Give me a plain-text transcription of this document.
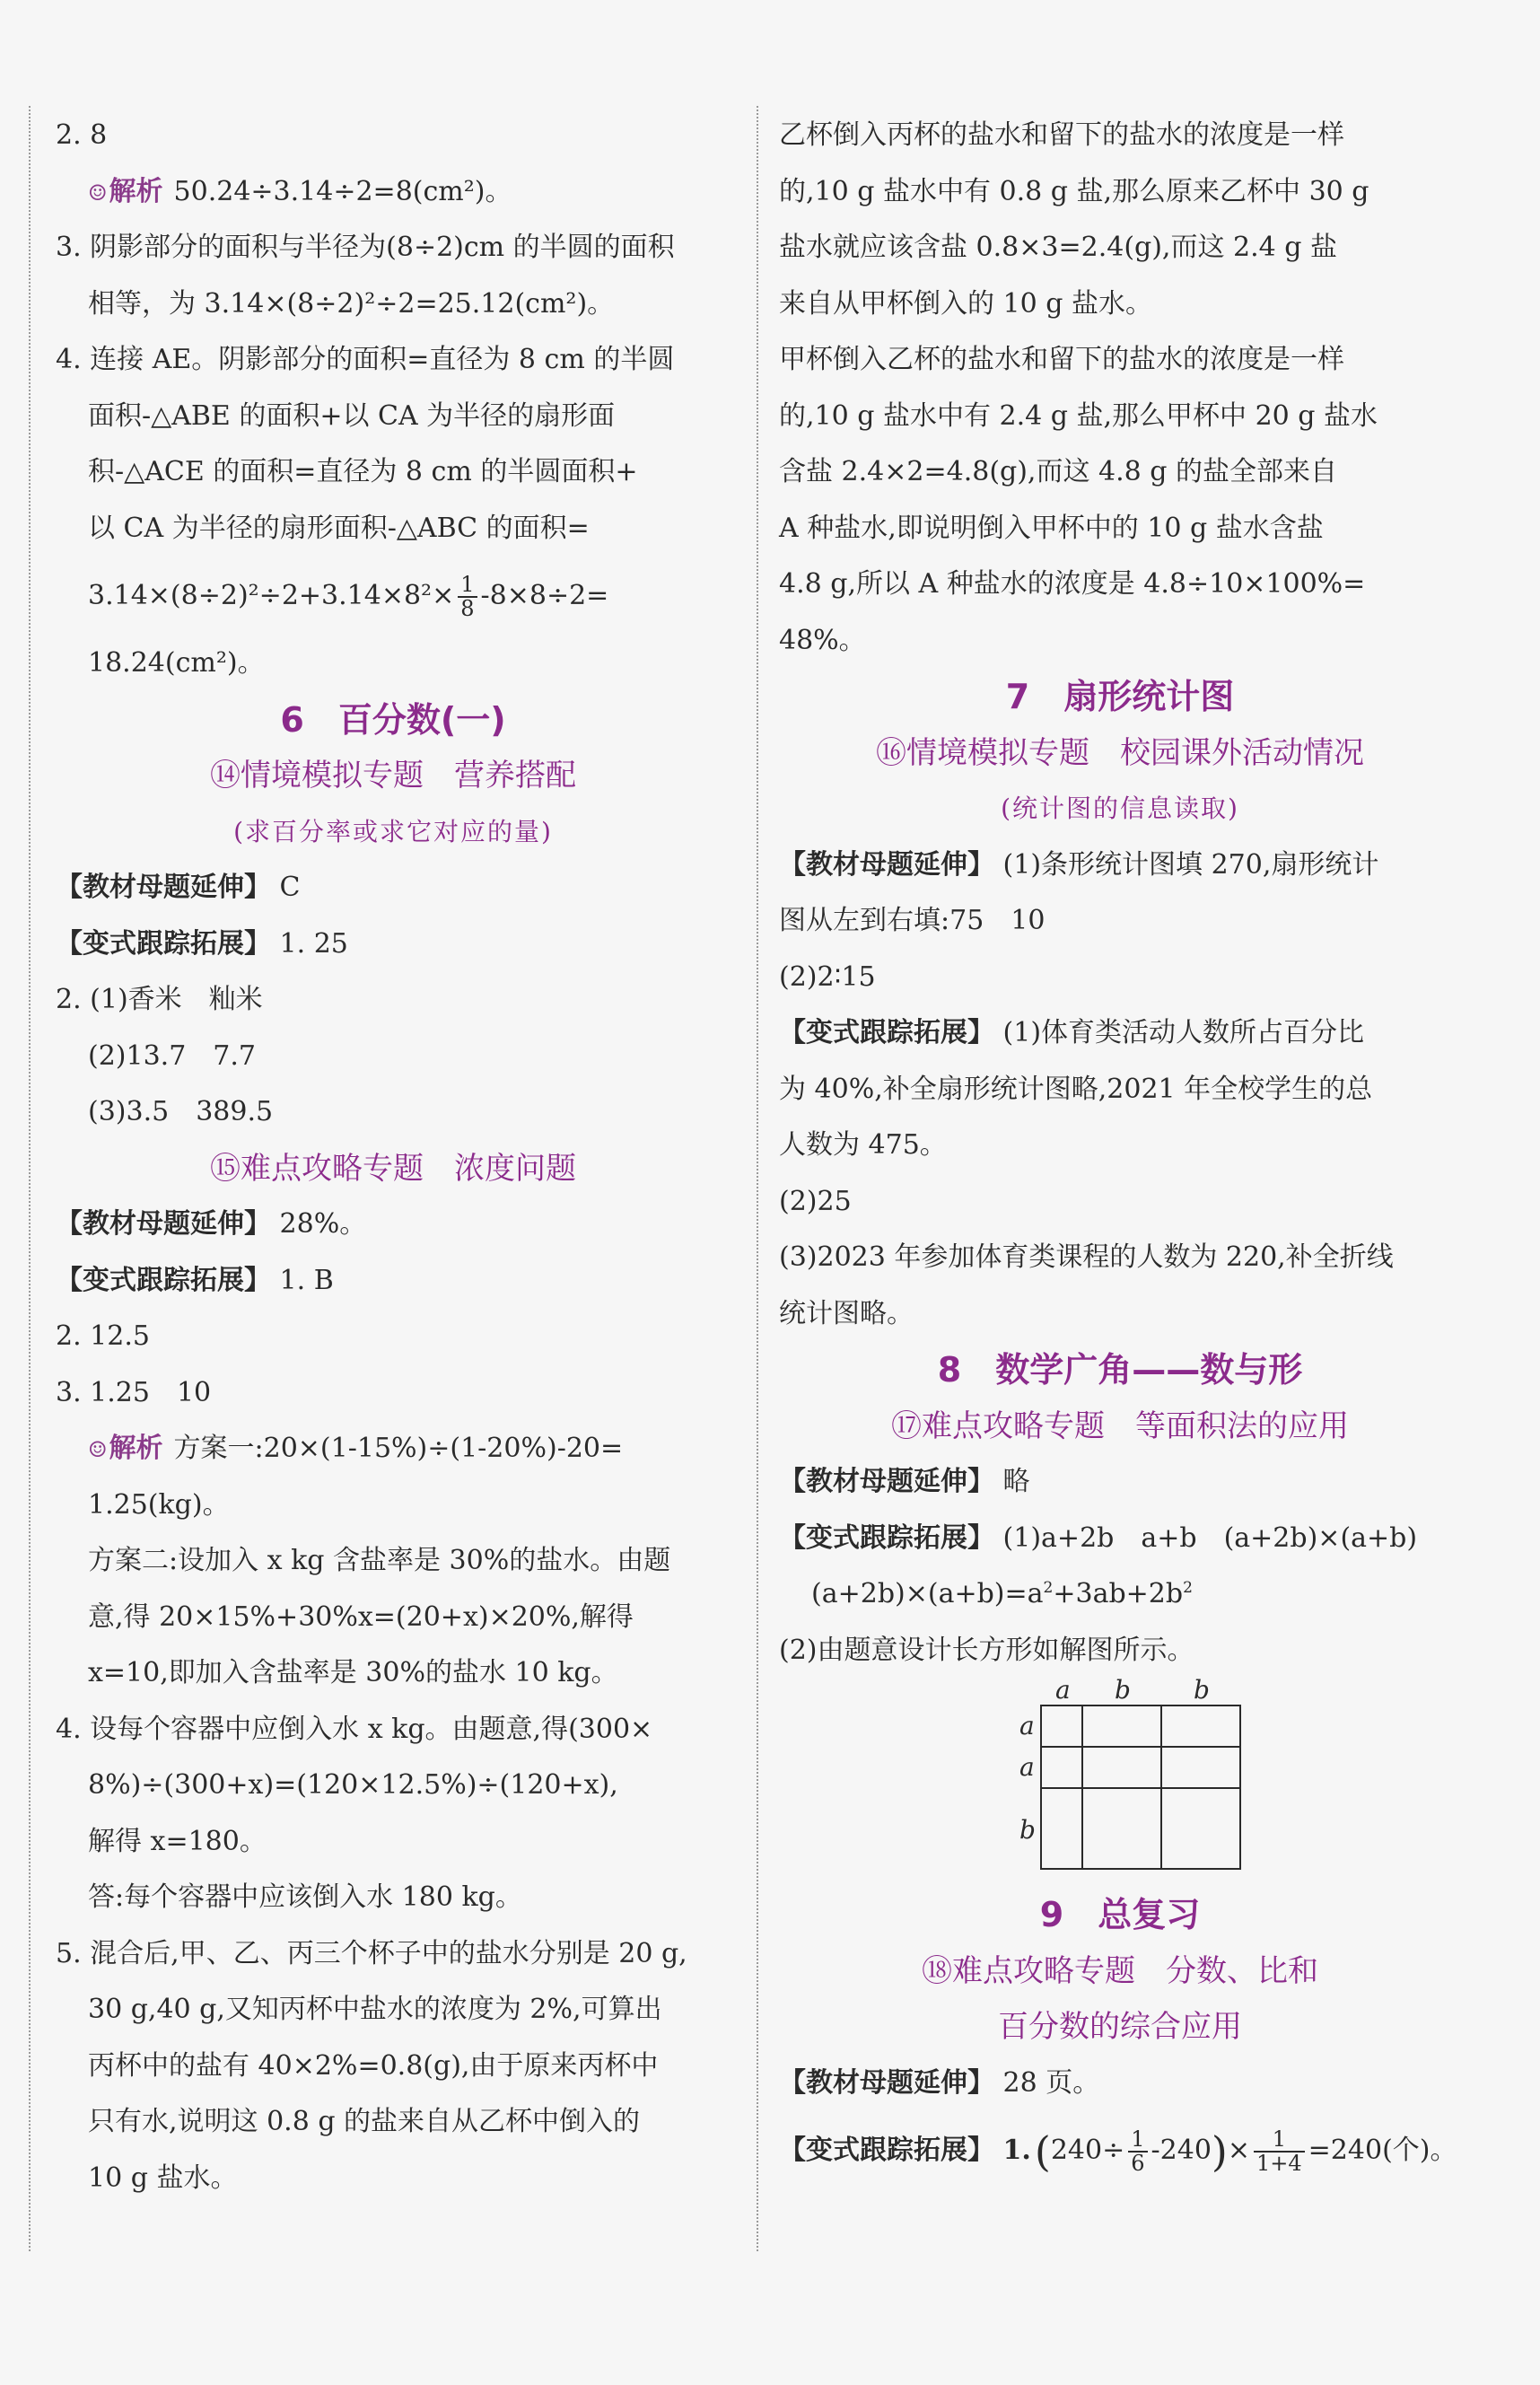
2. 8
☺解析 50.24÷3.14÷2=8(cm²)。
3. 阴影部分的面积与半径为(8÷2)cm 的半圆的面积
相等，为 3.14×(8÷2)²÷2=25.12(cm²)。
4. 连接 AE。阴影部分的面积=直径为 8 cm 的半圆
面积-△ABE 的面积+以 CA 为半径的扇形面
积-△ACE 的面积=直径为 8 cm 的半圆面积+
以 CA 为半径的扇形面积-△ABC 的面积=
$3.14\times(8\div 2)^2\div 2+3.14\times 8^2\times \frac{1}{8} -8\times 8\div 2=$
18.24(cm²)。
6　百分数(一)
⑭情境模拟专题　营养搭配
(求百分率或求它对应的量)
【教材母题延伸】 C
【变式跟踪拓展】 1. 25
2. (1)香米　籼米
(2)13.7　7.7
(3)3.5　389.5
⑮难点攻略专题　浓度问题
【教材母题延伸】 28%。
【变式跟踪拓展】 1. B
2. 12.5
3. 1.25　10
☺解析 方案一:20×(1-15%)÷(1-20%)-20=
1.25(kg)。
方案二:设加入 x kg 含盐率是 30%的盐水。由题
意,得 20×15%+30%x=(20+x)×20%,解得
x=10,即加入含盐率是 30%的盐水 10 kg。
4. 设每个容器中应倒入水 x kg。由题意,得(300×
8%)÷(300+x)=(120×12.5%)÷(120+x),
解得 x=180。
答:每个容器中应该倒入水 180 kg。
5. 混合后,甲、乙、丙三个杯子中的盐水分别是 20 g,
30 g,40 g,又知丙杯中盐水的浓度为 2%,可算出
丙杯中的盐有 40×2%=0.8(g),由于原来丙杯中
只有水,说明这 0.8 g 的盐来自从乙杯中倒入的
10 g 盐水。
乙杯倒入丙杯的盐水和留下的盐水的浓度是一样
的,10 g 盐水中有 0.8 g 盐,那么原来乙杯中 30 g
盐水就应该含盐 0.8×3=2.4(g),而这 2.4 g 盐
来自从甲杯倒入的 10 g 盐水。
甲杯倒入乙杯的盐水和留下的盐水的浓度是一样
的,10 g 盐水中有 2.4 g 盐,那么甲杯中 20 g 盐水
含盐 2.4×2=4.8(g),而这 4.8 g 的盐全部来自
A 种盐水,即说明倒入甲杯中的 10 g 盐水含盐
4.8 g,所以 A 种盐水的浓度是 4.8÷10×100%=
48%。
7　扇形统计图
⑯情境模拟专题　校园课外活动情况
(统计图的信息读取)
【教材母题延伸】 (1)条形统计图填 270,扇形统计
图从左到右填:75　10
(2)2∶15
【变式跟踪拓展】 (1)体育类活动人数所占百分比
为 40%,补全扇形统计图略,2021 年全校学生的总
人数为 475。
(2)25
(3)2023 年参加体育类课程的人数为 220,补全折线
统计图略。
8　数学广角——数与形
⑰难点攻略专题　等面积法的应用
【教材母题延伸】 略
【变式跟踪拓展】 (1)a+2b　a+b　(a+2b)×(a+b)
$(a+2b)\times(a+b)=a^2+3ab+2b^2$
(2)由题意设计长方形如解图所示。
a b	b
a
a
b
9　总复习
⑱难点攻略专题　分数、比和
百分数的综合应用
【教材母题延伸】 28 页。
【变式跟踪拓展】 $1.(240\div \frac{1}{6} -240)\times \frac{1}{1+4} =240$(个)。
